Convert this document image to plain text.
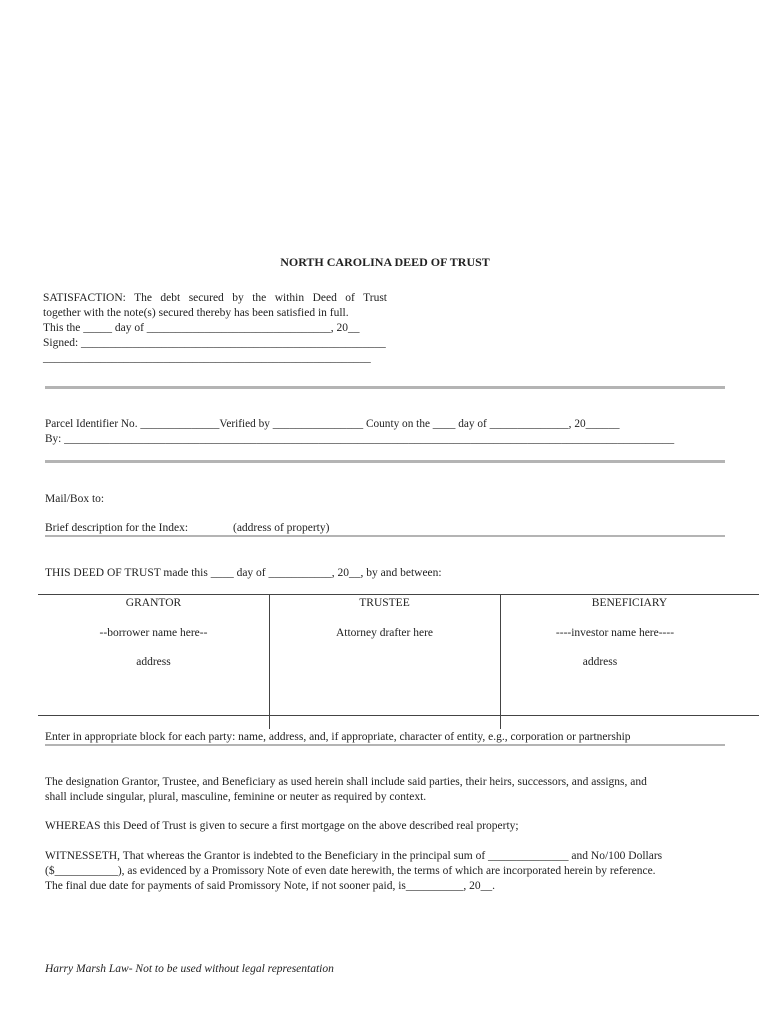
NORTH CAROLINA DEED OF TRUST

SATISFACTION: The debt secured by the within Deed of Trust

together with the note(s) secured thereby has been satisfied in full.
This the _____ day of ________________________________, 20__
Signed: _____________________________________________________
_________________________________________________________
Parcel Identifier No. ______________Verified by ________________ County on the ____ day of ______________, 20______
By: ____________________________________________________________________________________________________________
Mail/Box to:
Brief description for the Index:	(address of property)
THIS DEED OF TRUST made this ____ day of ___________, 20__, by and between:
GRANTOR
--borrower name here--
address
TRUSTEE
Attorney drafter here
BENEFICIARY
----investor name here----
address
Enter in appropriate block for each party: name, address, and, if appropriate, character of entity, e.g., corporation or partnership
The designation Grantor, Trustee, and Beneficiary as used herein shall include said parties, their heirs, successors, and assigns, and
shall include singular, plural, masculine, feminine or neuter as required by context.
WHEREAS this Deed of Trust is given to secure a first mortgage on the above described real property;
WITNESSETH, That whereas the Grantor is indebted to the Beneficiary in the principal sum of ______________ and No/100 Dollars
($___________), as evidenced by a Promissory Note of even date herewith, the terms of which are incorporated herein by reference.
The final due date for payments of said Promissory Note, if not sooner paid, is__________, 20__.
Harry Marsh Law- Not to be used without legal representation
